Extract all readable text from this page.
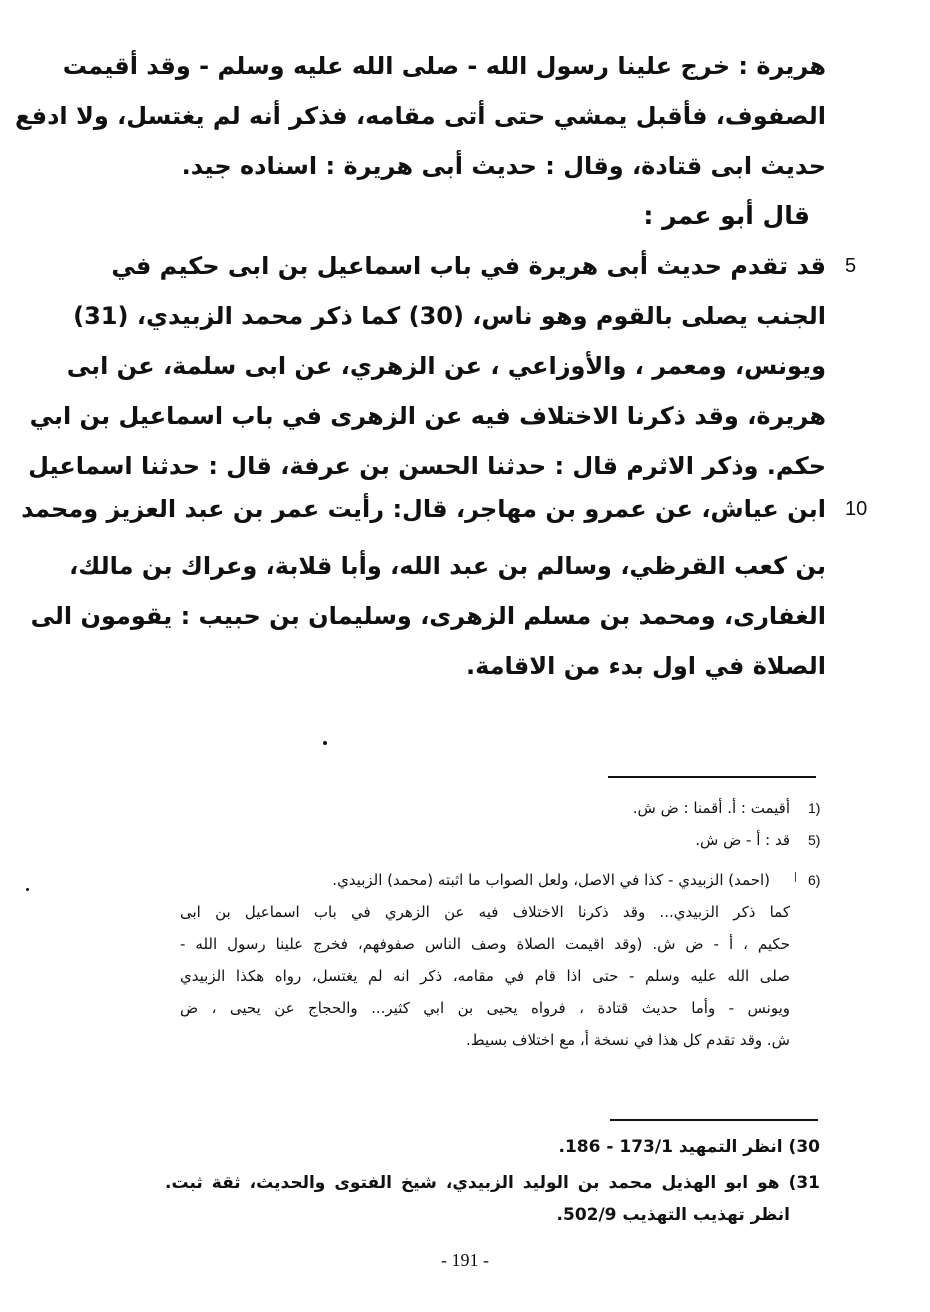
هريرة : خرج علينا رسول الله - صلى الله عليه وسلم - وقد أقيمت
الصفوف، فأقبل يمشي حتى أتى مقامه، فذكر أنه لم يغتسل، ولا ادفع
حديث ابى قتادة، وقال : حديث أبى هريرة : اسناده جيد.
قال أبو عمر :
5
قد تقدم حديث أبى هريرة في باب اسماعيل بن ابى حكيم في
الجنب يصلى بالقوم وهو ناس، (30) كما ذكر محمد الزبيدي، (31)
ويونس، ومعمر ، والأوزاعي ، عن الزهري، عن ابى سلمة، عن ابى
هريرة، وقد ذكرنا الاختلاف فيه عن الزهرى في باب اسماعيل بن ابي
حكم. وذكر الاثرم قال : حدثنا الحسن بن عرفة، قال : حدثنا اسماعيل
10
ابن عياش، عن عمرو بن مهاجر، قال: رأيت عمر بن عبد العزيز ومحمد
بن كعب القرظي، وسالم بن عبد الله، وأبا قلابة، وعراك بن مالك،
الغفارى، ومحمد بن مسلم الزهرى، وسليمان بن حبيب : يقومون الى
الصلاة في اول بدء من الاقامة.
1)
أقيمت : أ. أقمنا : ض ش.
5)
قد : أ - ض ش.
6)
(احمد) الزبيدي - كذا في الاصل، ولعل الصواب ما اثبته (محمد) الزبيدي.
كما ذكر الزبيدي... وقد ذكرنا الاختلاف فيه عن الزهري في باب اسماعيل بن ابى
حكيم ، أ - ض ش. (وقد اقيمت الصلاة وصف الناس صفوفهم، فخرج علينا رسول الله -
صلى الله عليه وسلم - حتى اذا قام في مقامه، ذكر انه لم يغتسل، رواه هكذا الزبيدي
ويونس - وأما حديث قتادة ، فرواه يحيى بن ابي كثير... والحجاج عن يحيى ، ض
ش. وقد تقدم كل هذا في نسخة أ، مع اختلاف بسيط.
30) انظر التمهيد 173/1 - 186.
31) هو ابو الهذيل محمد بن الوليد الزبيدي، شيخ الفتوى والحديث، ثقة ثبت.
انظر تهذيب التهذيب 502/9.
- 191 -
